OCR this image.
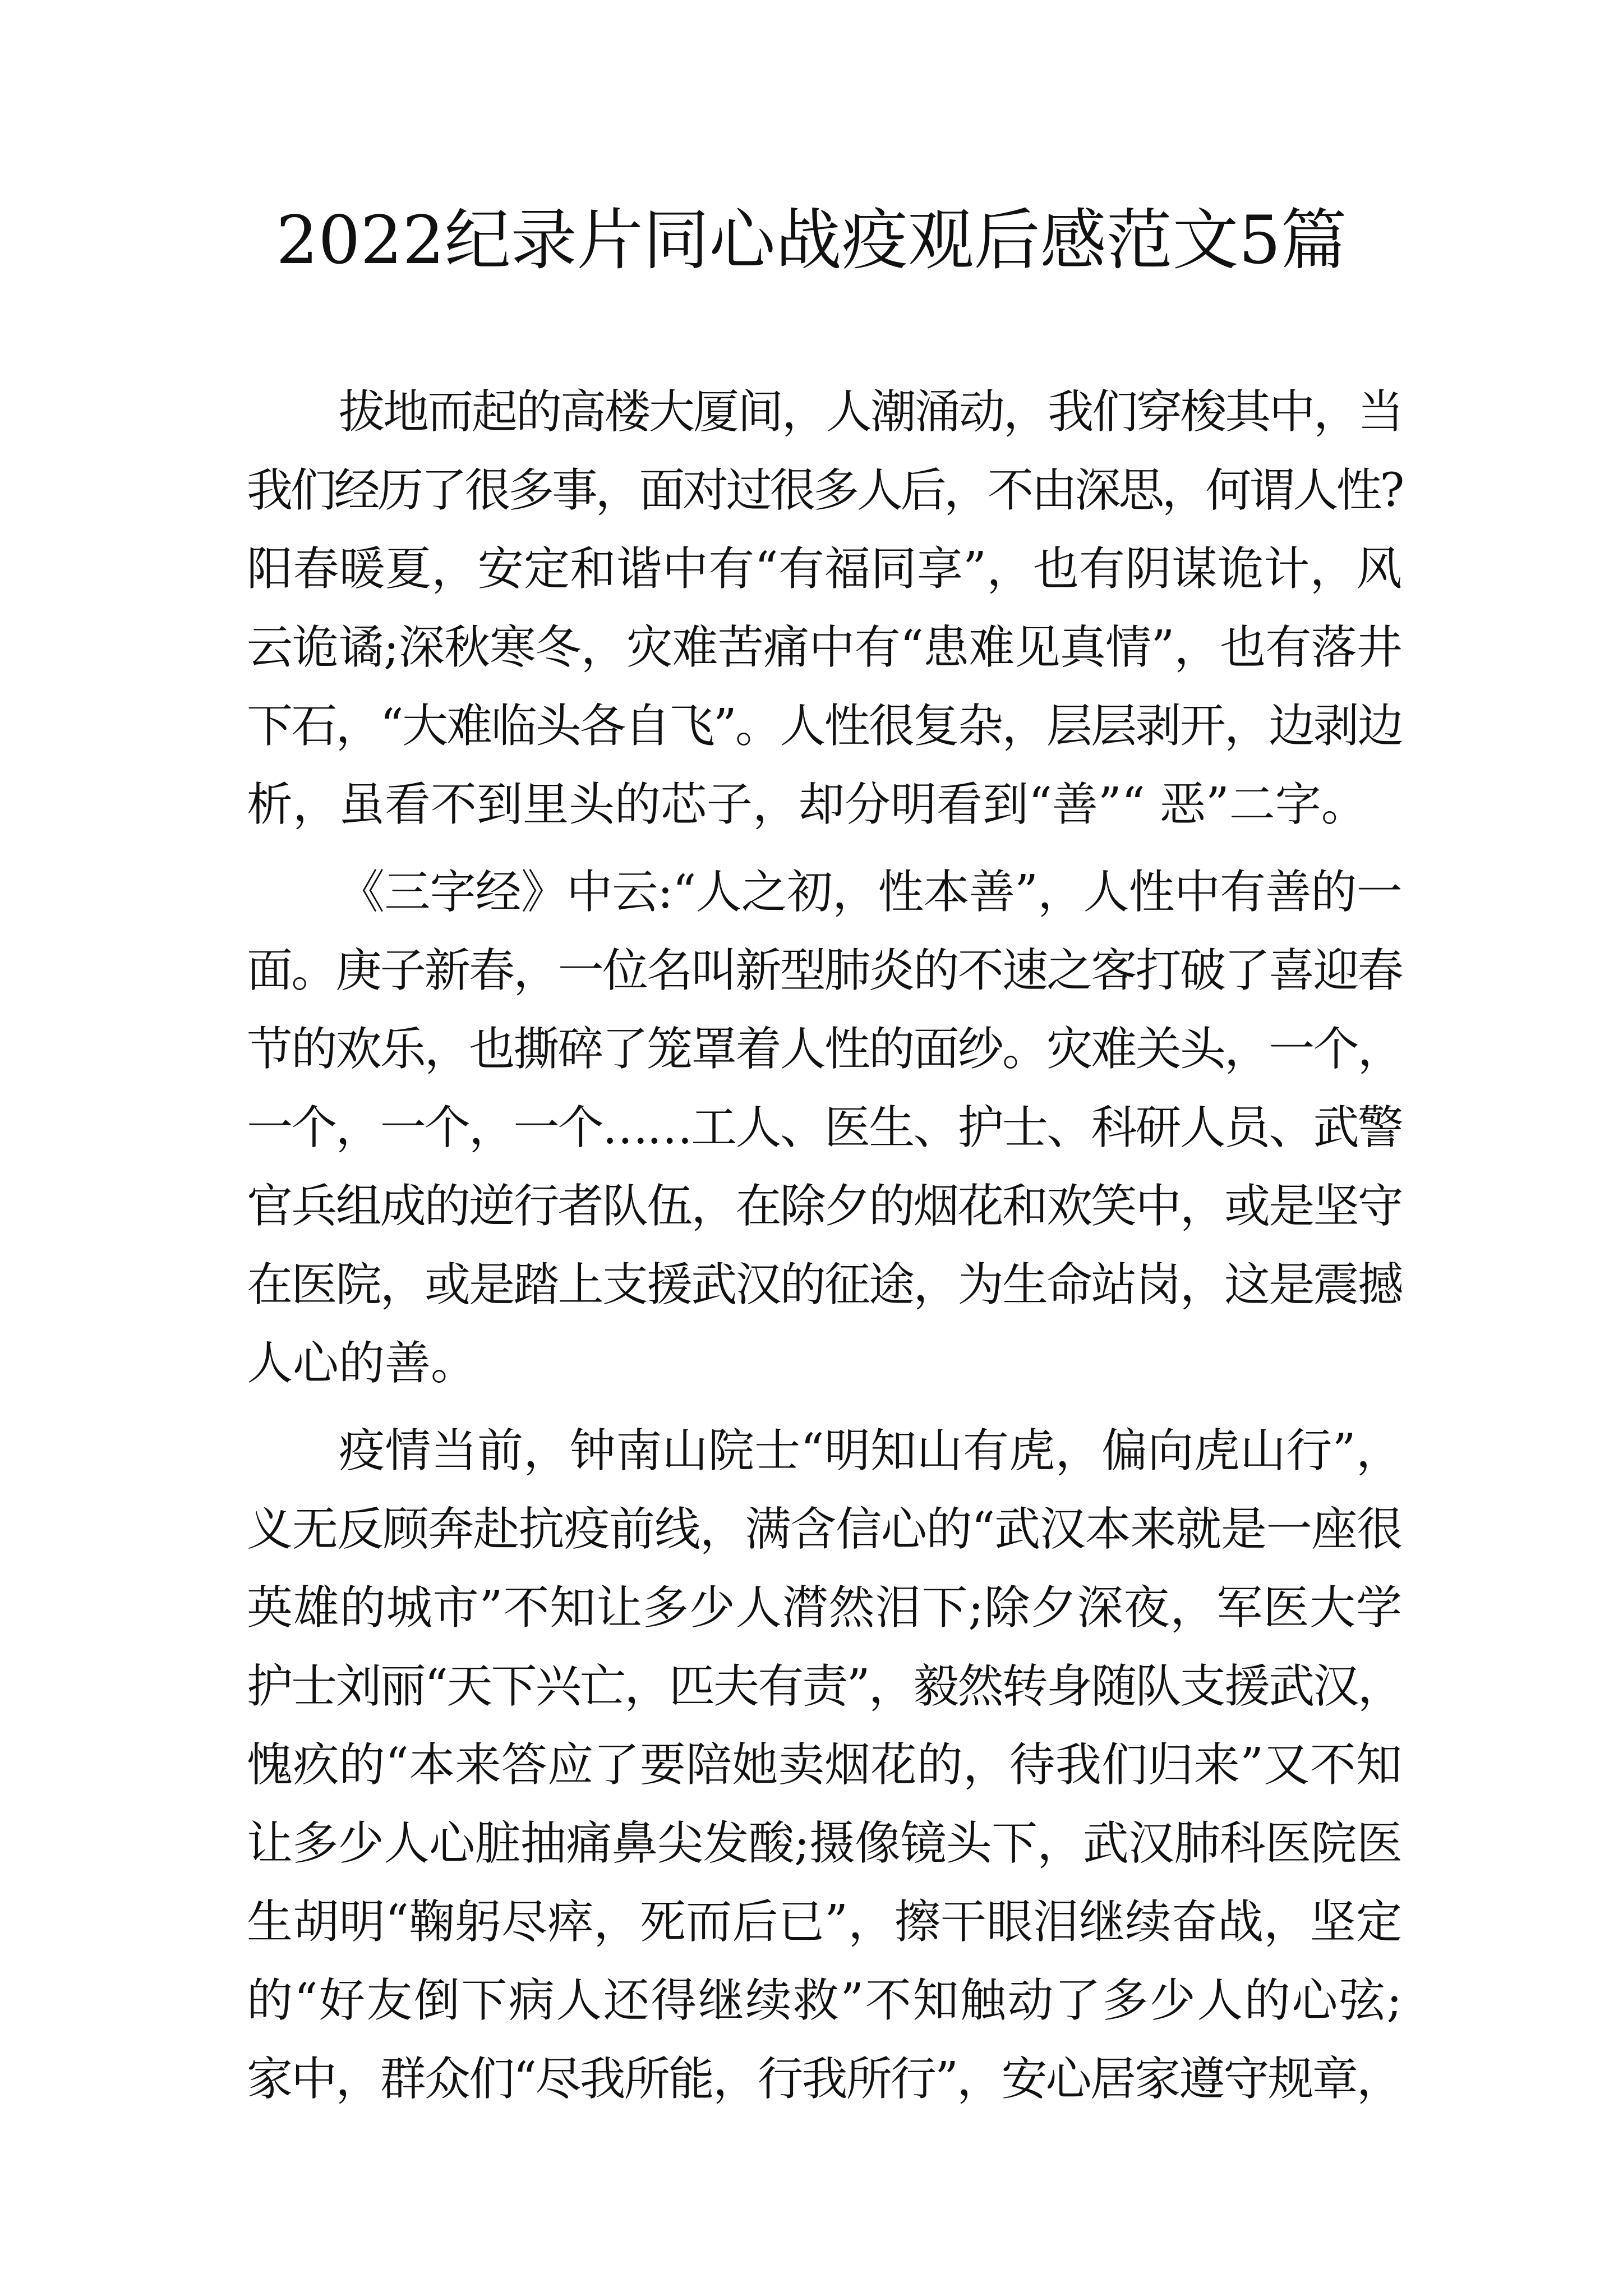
2022纪录片同心战疫观后感范文5篇

拔地而起的高楼大厦间，人潮涌动，我们穿梭其中，当
我们经历了很多事，面对过很多人后，不由深思，何谓人性?
阳春暖夏，安定和谐中有“有福同享”，也有阴谋诡计，风
云诡谲;深秋寒冬，灾难苦痛中有“患难见真情”，也有落井
下石，“大难临头各自飞”。人性很复杂，层层剥开，边剥边
析，虽看不到里头的芯子，却分明看到“善”“ 恶”二字。

《三字经》中云:“人之初，性本善”，人性中有善的一
面。庚子新春，一位名叫新型肺炎的不速之客打破了喜迎春
节的欢乐，也撕碎了笼罩着人性的面纱。灾难关头，一个，
一个，一个，一个……工人、医生、护士、科研人员、武警
官兵组成的逆行者队伍，在除夕的烟花和欢笑中，或是坚守
在医院，或是踏上支援武汉的征途，为生命站岗，这是震撼
人心的善。

疫情当前，钟南山院士“明知山有虎，偏向虎山行”，
义无反顾奔赴抗疫前线，满含信心的“武汉本来就是一座很
英雄的城市”不知让多少人潸然泪下;除夕深夜，军医大学
护士刘丽“天下兴亡，匹夫有责”，毅然转身随队支援武汉，
愧疚的“本来答应了要陪她卖烟花的，待我们归来”又不知
让多少人心脏抽痛鼻尖发酸;摄像镜头下，武汉肺科医院医
生胡明“鞠躬尽瘁，死而后已”，擦干眼泪继续奋战，坚定
的“好友倒下病人还得继续救”不知触动了多少人的心弦;
家中，群众们“尽我所能，行我所行”，安心居家遵守规章，
